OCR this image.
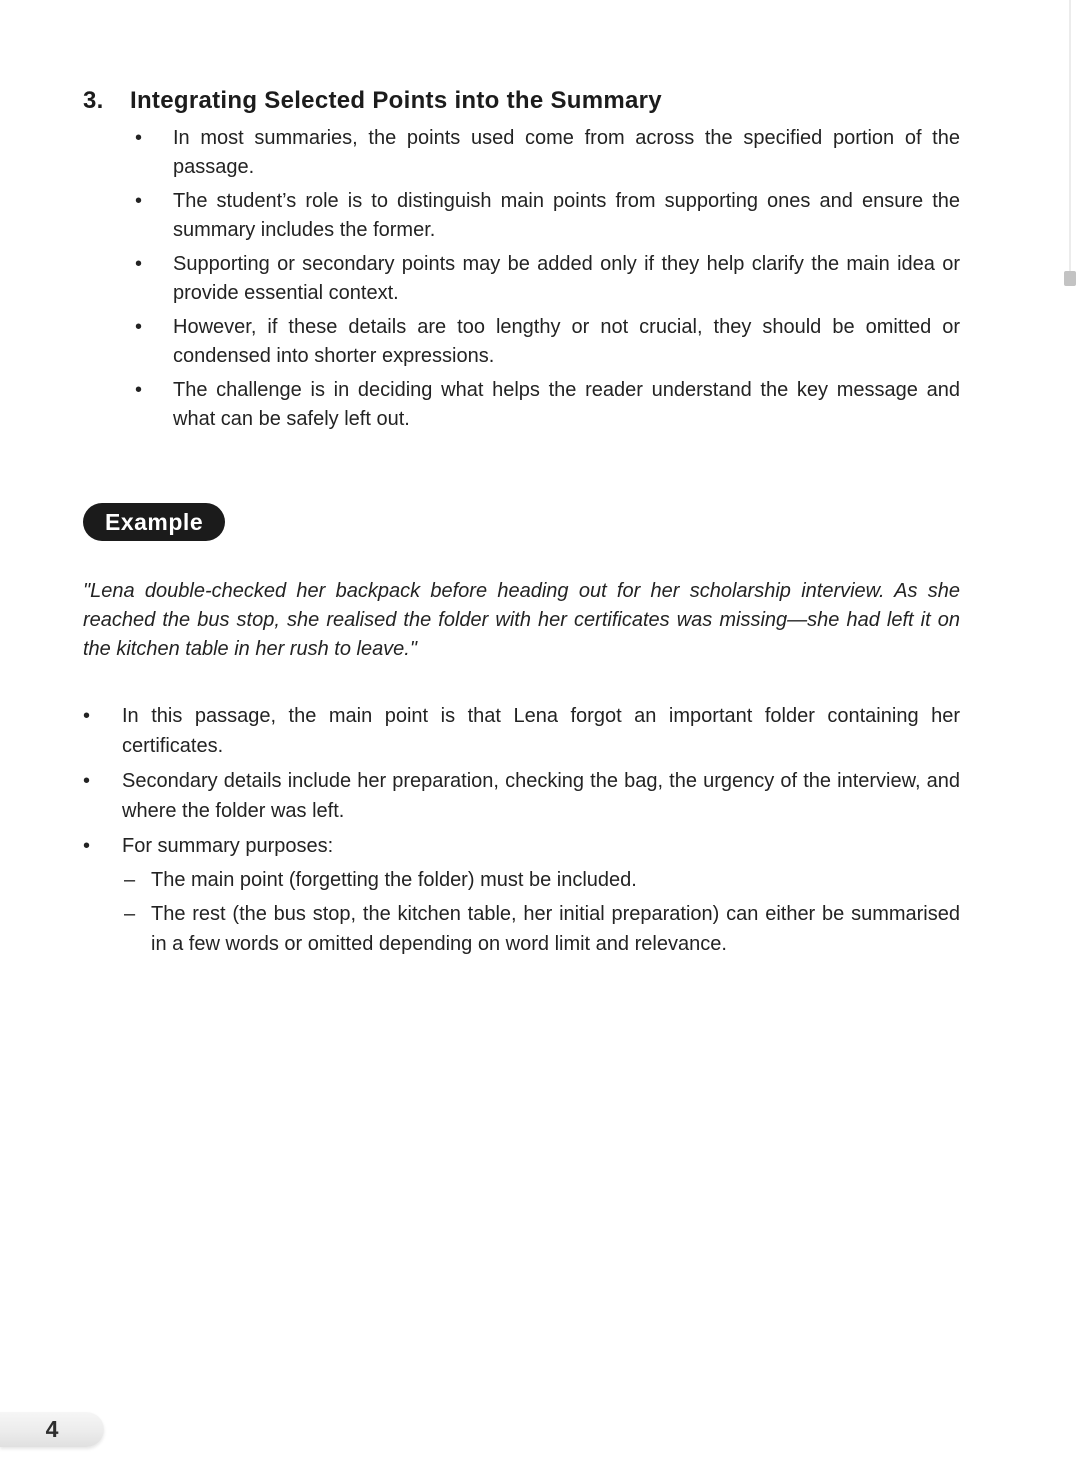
3.	Integrating Selected Points into the Summary
•	In most summaries, the points used come from across the specified portion of the passage.
•	The student’s role is to distinguish main points from supporting ones and ensure the summary includes the former.
•	Supporting or secondary points may be added only if they help clarify the main idea or provide essential context.
•	However, if these details are too lengthy or not crucial, they should be omitted or condensed into shorter expressions.
•	The challenge is in deciding what helps the reader understand the key message and what can be safely left out.
Example

"Lena double-checked her backpack before heading out for her scholarship interview. As she reached the bus stop, she realised the folder with her certificates was missing—she had left it on the kitchen table in her rush to leave."

•	In this passage, the main point is that Lena forgot an important folder containing her certificates.
•	Secondary details include her preparation, checking the bag, the urgency of the interview, and where the folder was left.
•	For summary purposes:
– The main point (forgetting the folder) must be included.
– The rest (the bus stop, the kitchen table, her initial preparation) can either be summarised in a few words or omitted depending on word limit and relevance.
4
